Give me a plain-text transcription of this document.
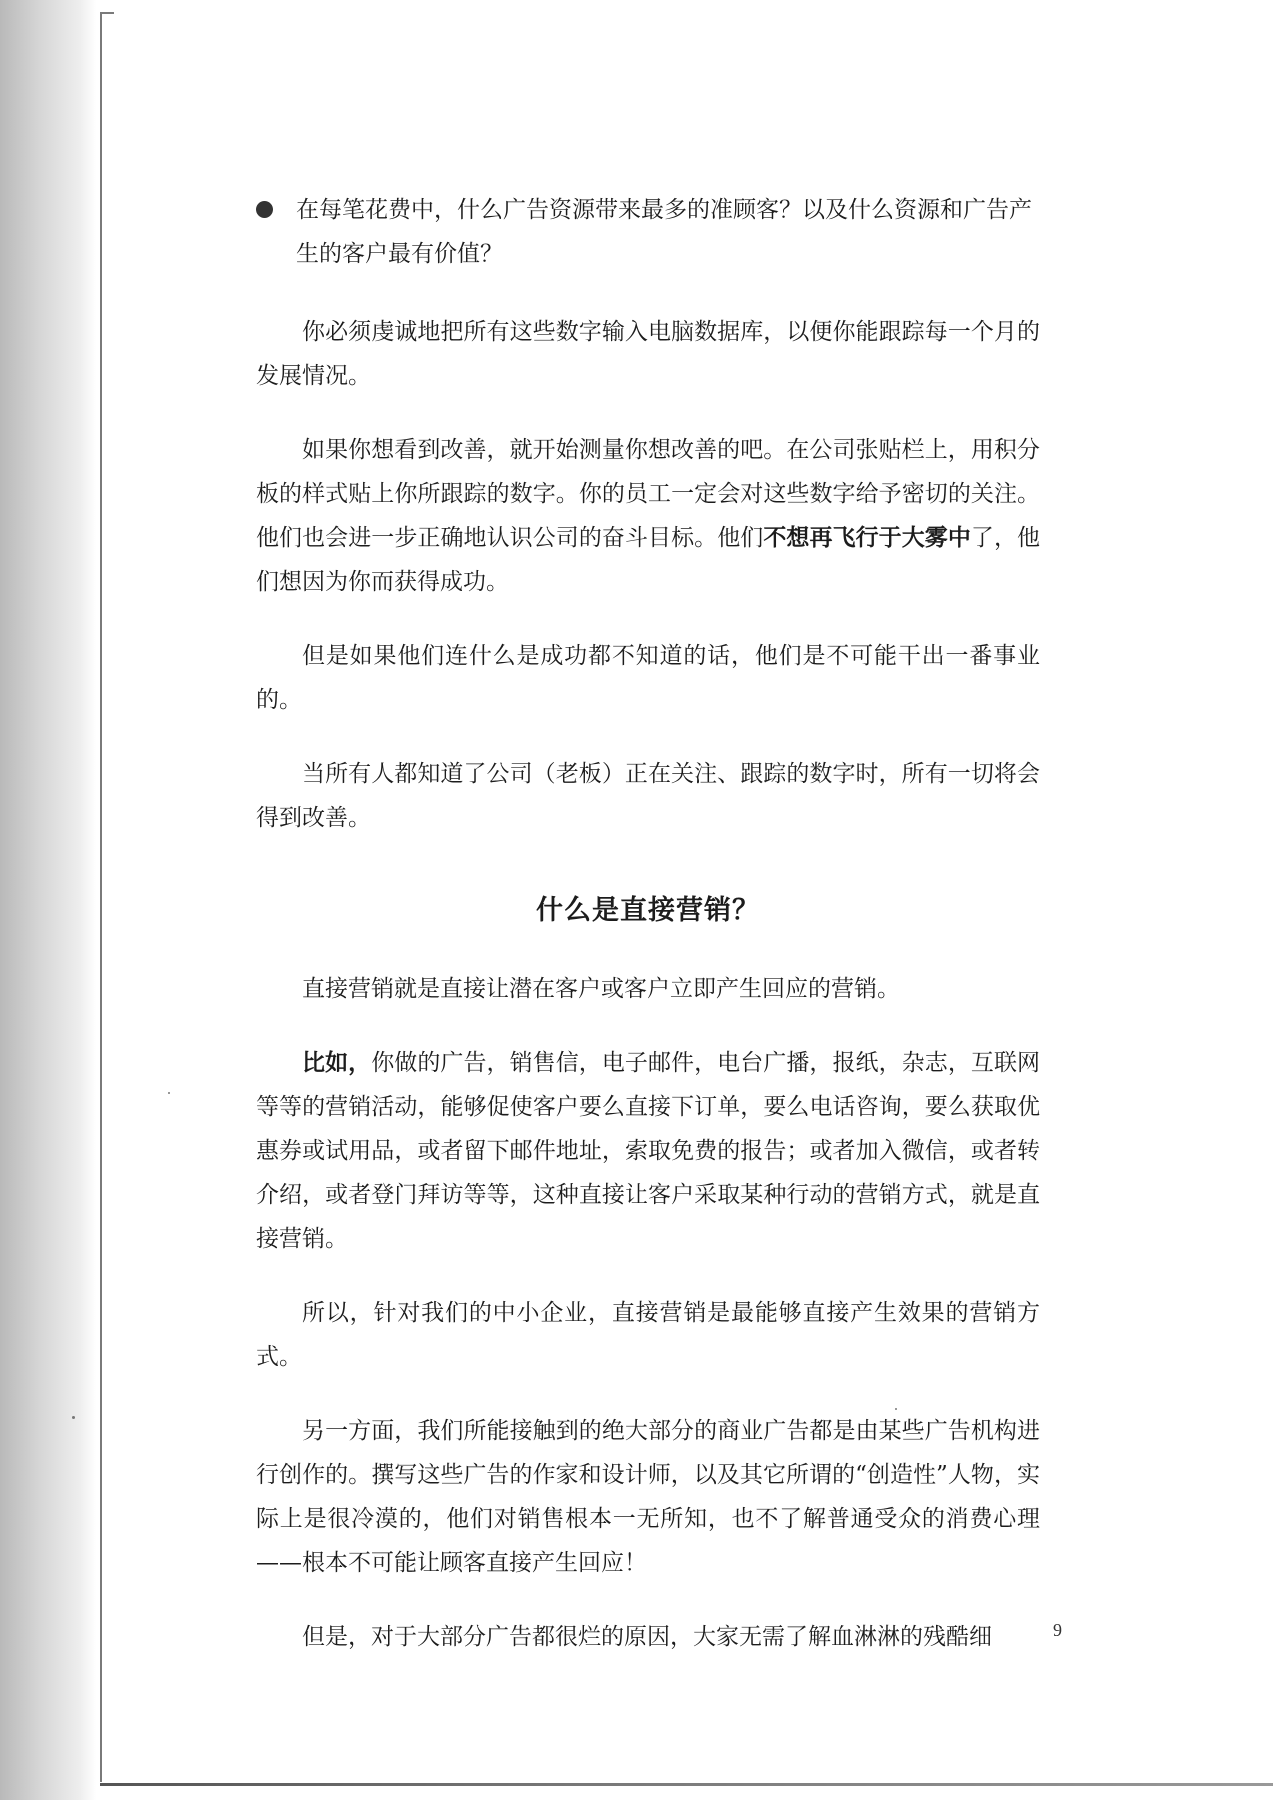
在每笔花费中，什么广告资源带来最多的准顾客？以及什么资源和广告产生的客户最有价值？

你必须虔诚地把所有这些数字输入电脑数据库，以便你能跟踪每一个月的发展情况。

如果你想看到改善，就开始测量你想改善的吧。在公司张贴栏上，用积分板的样式贴上你所跟踪的数字。你的员工一定会对这些数字给予密切的关注。他们也会进一步正确地认识公司的奋斗目标。他们不想再飞行于大雾中了，他们想因为你而获得成功。

但是如果他们连什么是成功都不知道的话，他们是不可能干出一番事业的。

当所有人都知道了公司（老板）正在关注、跟踪的数字时，所有一切将会得到改善。

什么是直接营销？

直接营销就是直接让潜在客户或客户立即产生回应的营销。

比如，你做的广告，销售信，电子邮件，电台广播，报纸，杂志，互联网等等的营销活动，能够促使客户要么直接下订单，要么电话咨询，要么获取优惠券或试用品，或者留下邮件地址，索取免费的报告；或者加入微信，或者转介绍，或者登门拜访等等，这种直接让客户采取某种行动的营销方式，就是直接营销。

所以，针对我们的中小企业，直接营销是最能够直接产生效果的营销方式。

另一方面，我们所能接触到的绝大部分的商业广告都是由某些广告机构进行创作的。撰写这些广告的作家和设计师，以及其它所谓的“创造性”人物，实际上是很冷漠的，他们对销售根本一无所知，也不了解普通受众的消费心理——根本不可能让顾客直接产生回应！

但是，对于大部分广告都很烂的原因，大家无需了解血淋淋的残酷细	9
